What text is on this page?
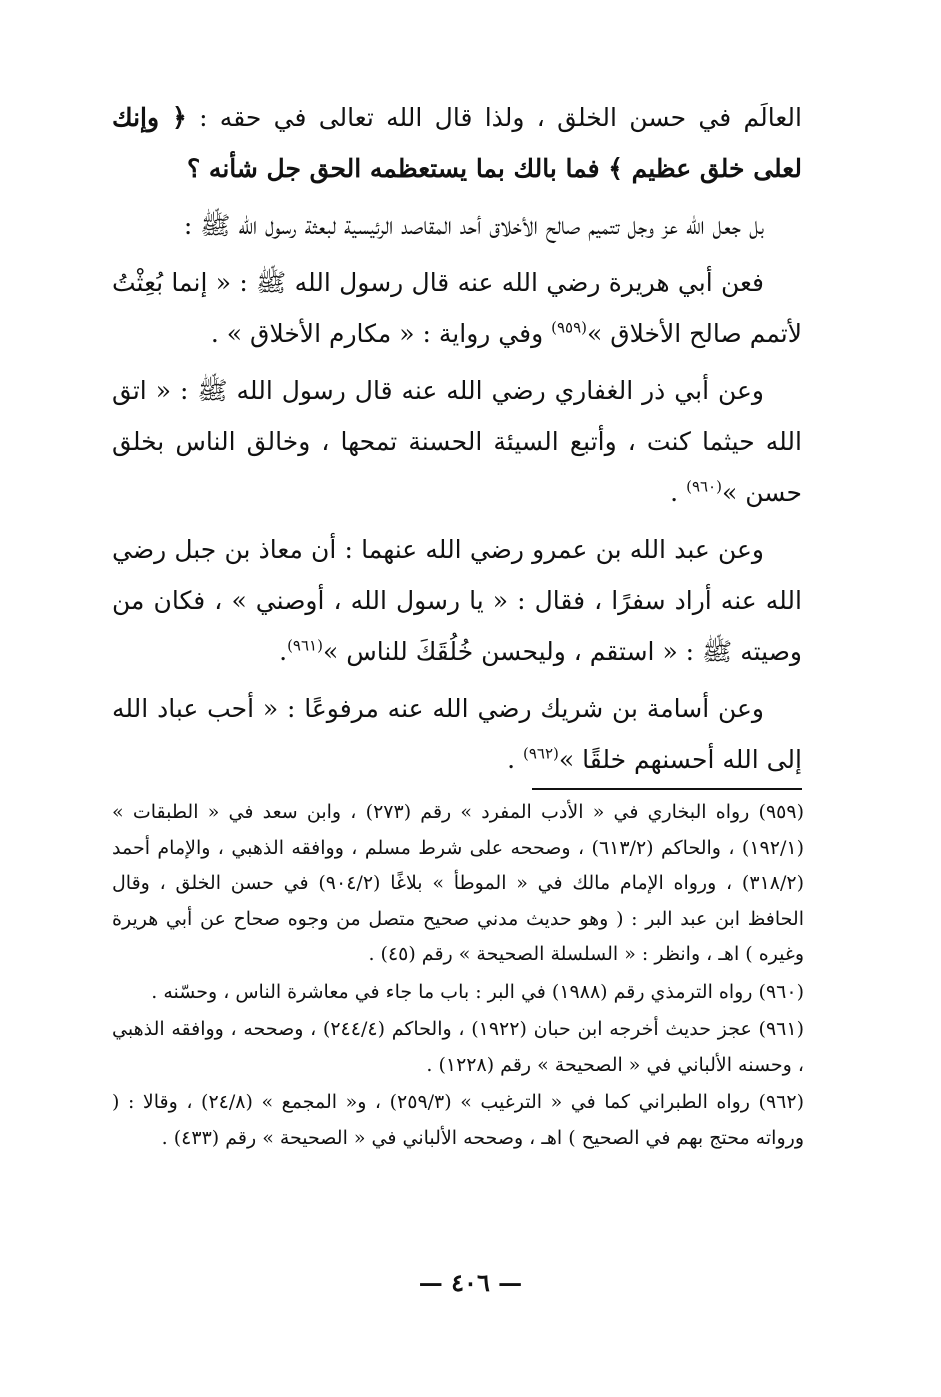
العالَم في حسن الخلق ، ولذا قال الله تعالى في حقه : ﴿ وإنك لعلى خلق عظيم ﴾ فما بالك بما يستعظمه الحق جل شأنه ؟

بل جعل الله عز وجل تتميم صالح الأخلاق أحد المقاصد الرئيسية لبعثة رسول الله ﷺ :

فعن أبي هريرة رضي الله عنه قال رسول الله ﷺ : « إنما بُعِثْتُ لأتمم صالح الأخلاق »$^{(٩٥٩)}$ وفي رواية : « مكارم الأخلاق » .

وعن أبي ذر الغفاري رضي الله عنه قال رسول الله ﷺ : « اتق الله حيثما كنت ، وأتبع السيئة الحسنة تمحها ، وخالق الناس بخلق حسن »$^{(٩٦٠)}$ .

وعن عبد الله بن عمرو رضي الله عنهما : أن معاذ بن جبل رضي الله عنه أراد سفرًا ، فقال : « يا رسول الله ، أوصني » ، فكان من وصيته ﷺ : « استقم ، وليحسن خُلُقَكَ للناس »$^{(٩٦١)}$.

وعن أسامة بن شريك رضي الله عنه مرفوعًا : « أحب عباد الله إلى الله أحسنهم خلقًا »$^{(٩٦٢)}$ .

(٩٥٩) رواه البخاري في « الأدب المفرد » رقم (٢٧٣) ، وابن سعد في « الطبقات » (١٩٢/١) ، والحاكم (٦١٣/٢) ، وصححه على شرط مسلم ، ووافقه الذهبي ، والإمام أحمد (٣١٨/٢) ، ورواه الإمام مالك في « الموطأ » بلاغًا (٩٠٤/٢) في حسن الخلق ، وقال الحافظ ابن عبد البر : ( وهو حديث مدني صحيح متصل من وجوه صحاح عن أبي هريرة وغيره ) اهـ ، وانظر : « السلسلة الصحيحة » رقم (٤٥) .

(٩٦٠) رواه الترمذي رقم (١٩٨٨) في البر : باب ما جاء في معاشرة الناس ، وحسّنه .

(٩٦١) عجز حديث أخرجه ابن حبان (١٩٢٢) ، والحاكم (٢٤٤/٤) ، وصححه ، ووافقه الذهبي ، وحسنه الألباني في « الصحيحة » رقم (١٢٢٨) .

(٩٦٢) رواه الطبراني كما في « الترغيب » (٢٥٩/٣) ، و« المجمع » (٢٤/٨) ، وقالا : ( ورواته محتج بهم في الصحيح ) اهـ ، وصححه الألباني في « الصحيحة » رقم (٤٣٣) .

— ٤٠٦ —
